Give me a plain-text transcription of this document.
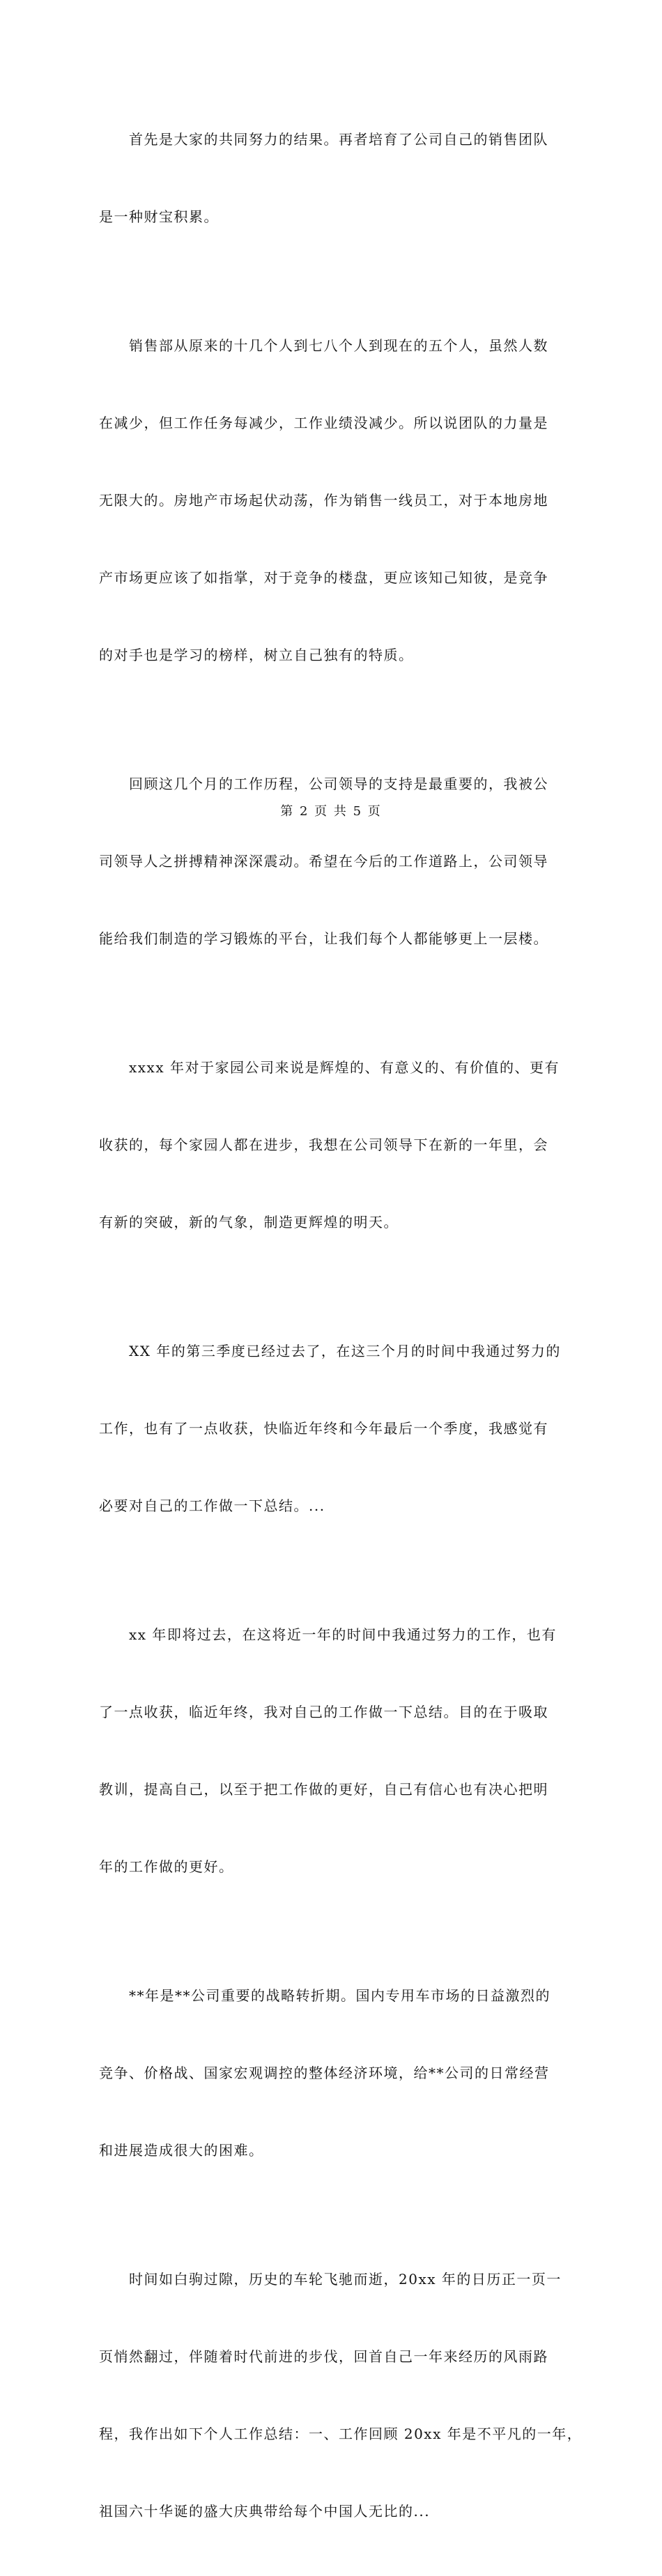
　　首先是大家的共同努力的结果。再者培育了公司自己的销售团队

是一种财宝积累。

　　销售部从原来的十几个人到七八个人到现在的五个人，虽然人数

在减少，但工作任务每减少，工作业绩没减少。所以说团队的力量是

无限大的。房地产市场起伏动荡，作为销售一线员工，对于本地房地

产市场更应该了如指掌，对于竞争的楼盘，更应该知己知彼，是竞争

的对手也是学习的榜样，树立自己独有的特质。

　　回顾这几个月的工作历程，公司领导的支持是最重要的，我被公

司领导人之拼搏精神深深震动。希望在今后的工作道路上，公司领导

能给我们制造的学习锻炼的平台，让我们每个人都能够更上一层楼。

　　xxxx 年对于家园公司来说是辉煌的、有意义的、有价值的、更有

收获的，每个家园人都在进步，我想在公司领导下在新的一年里，会

有新的突破，新的气象，制造更辉煌的明天。

　　XX 年的第三季度已经过去了，在这三个月的时间中我通过努力的

工作，也有了一点收获，快临近年终和今年最后一个季度，我感觉有

必要对自己的工作做一下总结。...

　　xx 年即将过去，在这将近一年的时间中我通过努力的工作，也有

了一点收获，临近年终，我对自己的工作做一下总结。目的在于吸取

教训，提高自己，以至于把工作做的更好，自己有信心也有决心把明

年的工作做的更好。

　　**年是**公司重要的战略转折期。国内专用车市场的日益激烈的

竞争、价格战、国家宏观调控的整体经济环境，给**公司的日常经营

和进展造成很大的困难。

　　时间如白驹过隙，历史的车轮飞驰而逝，20xx 年的日历正一页一

页悄然翻过，伴随着时代前进的步伐，回首自己一年来经历的风雨路

程，我作出如下个人工作总结：一、工作回顾 20xx 年是不平凡的一年，

祖国六十华诞的盛大庆典带给每个中国人无比的...

第 2 页 共 5 页
